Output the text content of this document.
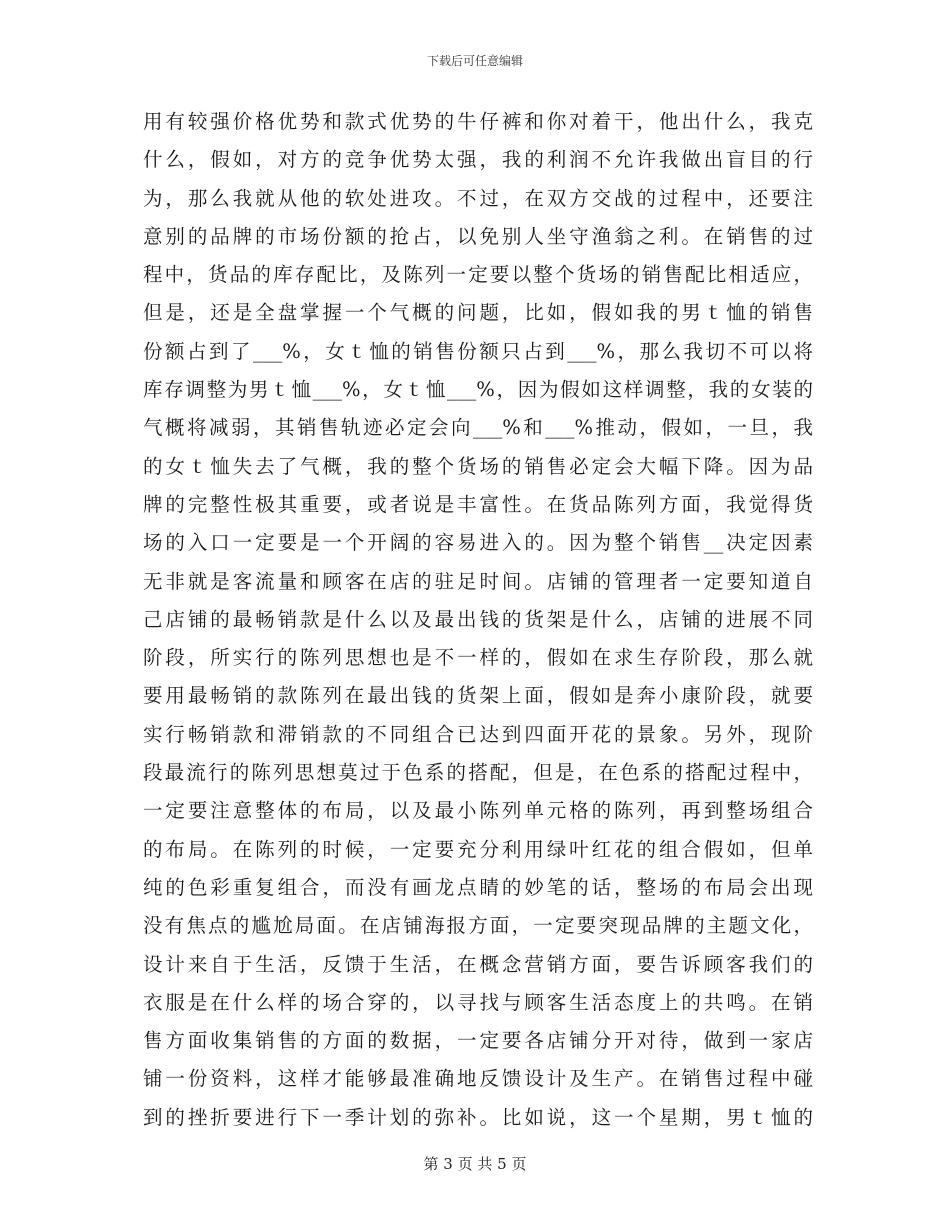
下载后可任意编辑
用有较强价格优势和款式优势的牛仔裤和你对着干，他出什么，我克
什么，假如，对方的竞争优势太强，我的利润不允许我做出盲目的行
为，那么我就从他的软处进攻。不过，在双方交战的过程中，还要注
意别的品牌的市场份额的抢占，以免别人坐守渔翁之利。在销售的过
程中，货品的库存配比，及陈列一定要以整个货场的销售配比相适应，
但是，还是全盘掌握一个气概的问题，比如，假如我的男ｔ恤的销售
份额占到了___%，女ｔ恤的销售份额只占到___%，那么我切不可以将
库存调整为男ｔ恤___%，女ｔ恤___%，因为假如这样调整，我的女装的
气概将减弱，其销售轨迹必定会向___%和___%推动，假如，一旦，我
的女ｔ恤失去了气概，我的整个货场的销售必定会大幅下降。因为品
牌的完整性极其重要，或者说是丰富性。在货品陈列方面，我觉得货
场的入口一定要是一个开阔的容易进入的。因为整个销售__决定因素
无非就是客流量和顾客在店的驻足时间。店铺的管理者一定要知道自
己店铺的最畅销款是什么以及最出钱的货架是什么，店铺的进展不同
阶段，所实行的陈列思想也是不一样的，假如在求生存阶段，那么就
要用最畅销的款陈列在最出钱的货架上面，假如是奔小康阶段，就要
实行畅销款和滞销款的不同组合已达到四面开花的景象。另外，现阶
段最流行的陈列思想莫过于色系的搭配，但是，在色系的搭配过程中，
一定要注意整体的布局，以及最小陈列单元格的陈列，再到整场组合
的布局。在陈列的时候，一定要充分利用绿叶红花的组合假如，但单
纯的色彩重复组合，而没有画龙点睛的妙笔的话，整场的布局会出现
没有焦点的尴尬局面。在店铺海报方面，一定要突现品牌的主题文化，
设计来自于生活，反馈于生活，在概念营销方面，要告诉顾客我们的
衣服是在什么样的场合穿的，以寻找与顾客生活态度上的共鸣。在销
售方面收集销售的方面的数据，一定要各店铺分开对待，做到一家店
铺一份资料，这样才能够最准确地反馈设计及生产。在销售过程中碰
到的挫折要进行下一季计划的弥补。比如说，这一个星期，男ｔ恤的
第 3 页 共 5 页
